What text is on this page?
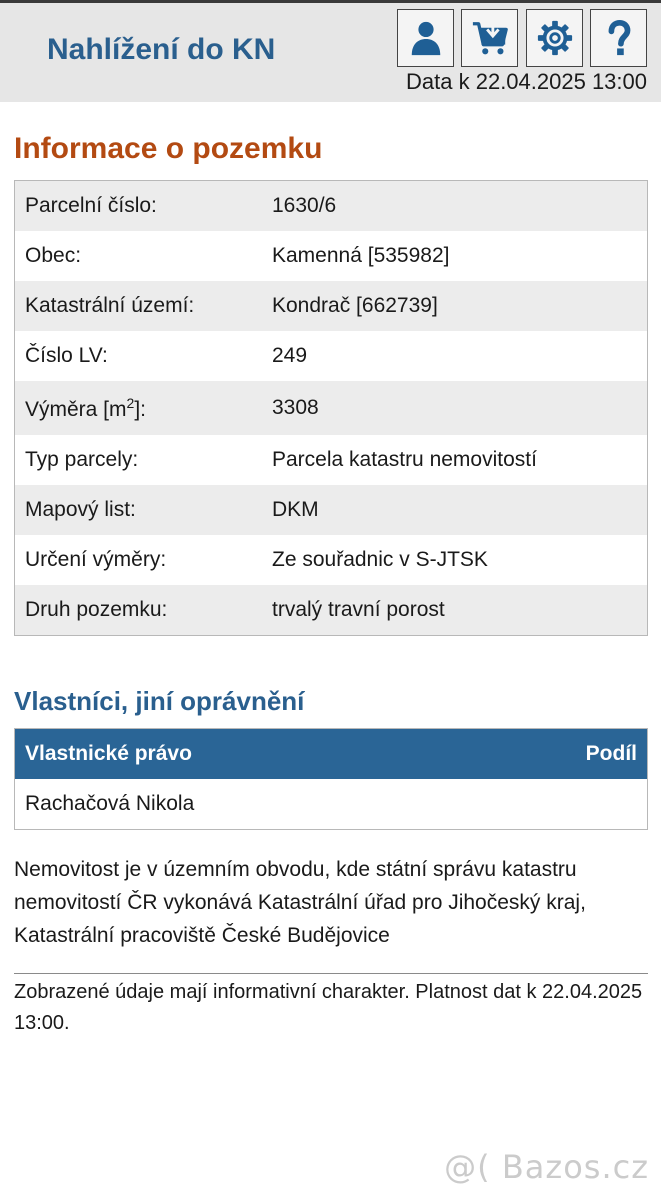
Nahlížení do KN
Data k 22.04.2025 13:00
Informace o pozemku
Parcelní číslo:	1630/6
Obec:	Kamenná [535982]
Katastrální území:	Kondrač [662739]
Číslo LV:	249
Výměra $[m^2]$:	3308
Typ parcely:	Parcela katastru nemovitostí
Mapový list:	DKM
Určení výměry:	Ze souřadnic v S-JTSK
Druh pozemku:	trvalý travní porost
Vlastníci, jiní oprávnění
Vlastnické právo	Podíl
Rachačová Nikola
Nemovitost je v územním obvodu, kde státní správu katastru nemovitostí ČR vykonává Katastrální úřad pro Jihočeský kraj, Katastrální pracoviště České Budějovice
Zobrazené údaje mají informativní charakter. Platnost dat k 22.04.2025 13:00.
@( Bazos.cz
